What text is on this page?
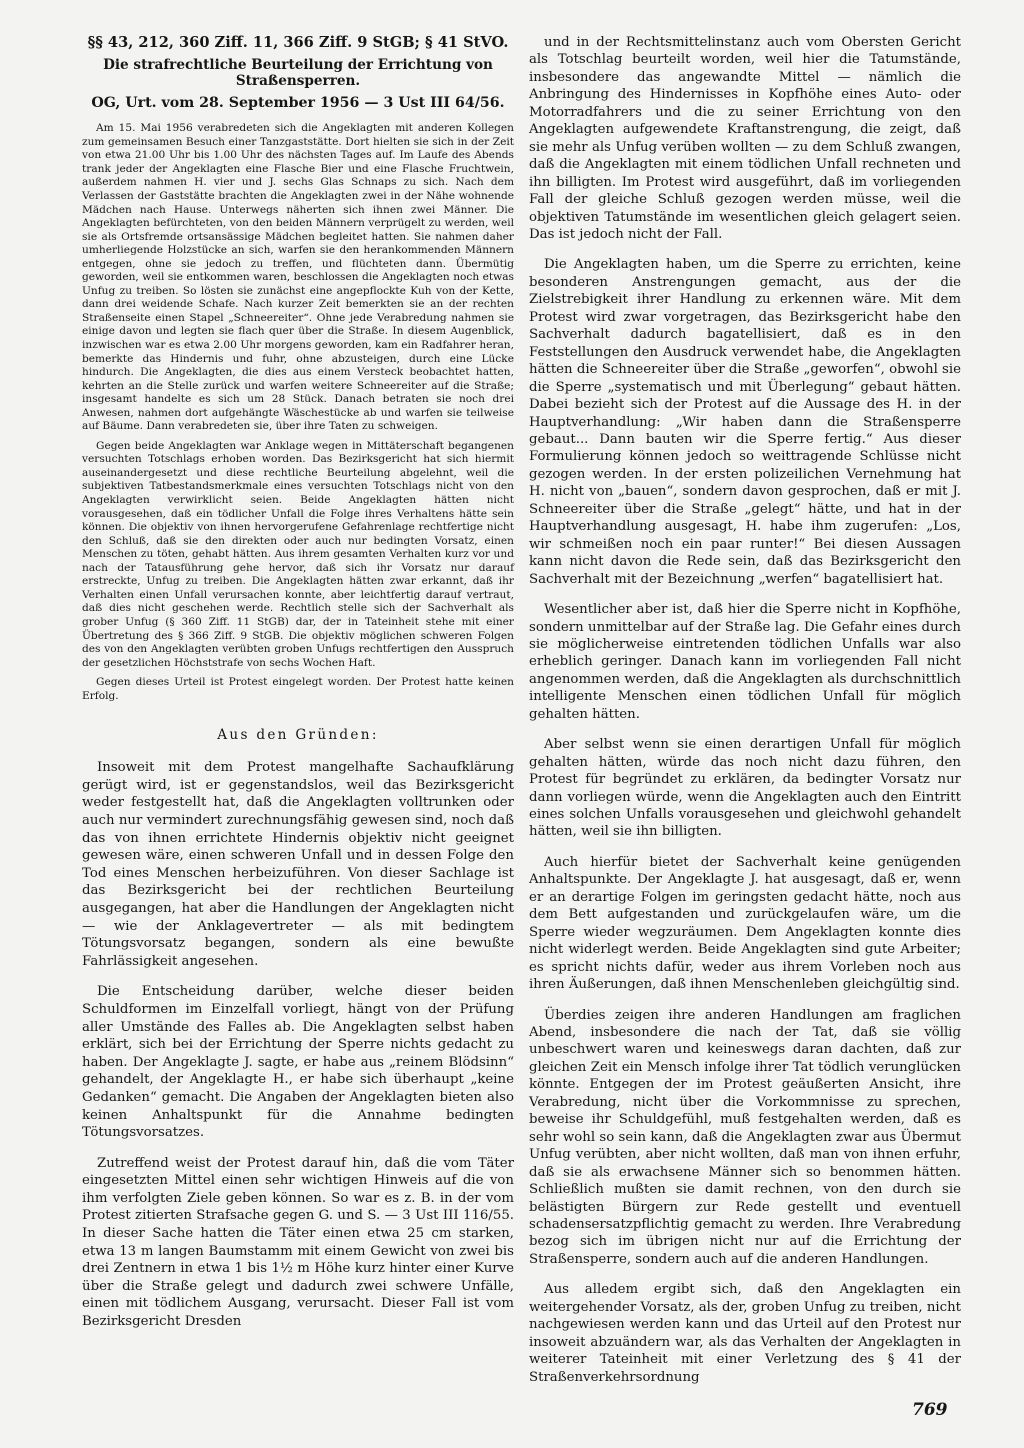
§§ 43, 212, 360 Ziff. 11, 366 Ziff. 9 StGB; § 41 StVO.

Die strafrechtliche Beurteilung der Errichtung von Straßensperren.

OG, Urt. vom 28. September 1956 — 3 Ust III 64/56.

Am 15. Mai 1956 verabredeten sich die Angeklagten mit anderen Kollegen zum gemeinsamen Besuch einer Tanzgaststätte. Dort hielten sie sich in der Zeit von etwa 21.00 Uhr bis 1.00 Uhr des nächsten Tages auf. Im Laufe des Abends trank jeder der Angeklagten eine Flasche Bier und eine Flasche Fruchtwein, außerdem nahmen H. vier und J. sechs Glas Schnaps zu sich. Nach dem Verlassen der Gaststätte brachten die Angeklagten zwei in der Nähe wohnende Mädchen nach Hause. Unterwegs näherten sich ihnen zwei Männer. Die Angeklagten befürchteten, von den beiden Männern verprügelt zu werden, weil sie als Ortsfremde ortsansässige Mädchen begleitet hatten. Sie nahmen daher umherliegende Holzstücke an sich, warfen sie den herankommenden Männern entgegen, ohne sie jedoch zu treffen, und flüchteten dann. Übermütig geworden, weil sie entkommen waren, beschlossen die Angeklagten noch etwas Unfug zu treiben. So lösten sie zunächst eine angepflockte Kuh von der Kette, dann drei weidende Schafe. Nach kurzer Zeit bemerkten sie an der rechten Straßenseite einen Stapel „Schneereiter“. Ohne jede Verabredung nahmen sie einige davon und legten sie flach quer über die Straße. In diesem Augenblick, inzwischen war es etwa 2.00 Uhr morgens geworden, kam ein Radfahrer heran, bemerkte das Hindernis und fuhr, ohne abzusteigen, durch eine Lücke hindurch. Die Angeklagten, die dies aus einem Versteck beobachtet hatten, kehrten an die Stelle zurück und warfen weitere Schneereiter auf die Straße; insgesamt handelte es sich um 28 Stück. Danach betraten sie noch drei Anwesen, nahmen dort aufgehängte Wäschestücke ab und warfen sie teilweise auf Bäume. Dann verabredeten sie, über ihre Taten zu schweigen.

Gegen beide Angeklagten war Anklage wegen in Mittäterschaft begangenen versuchten Totschlags erhoben worden. Das Bezirksgericht hat sich hiermit auseinandergesetzt und diese rechtliche Beurteilung abgelehnt, weil die subjektiven Tatbestandsmerkmale eines versuchten Totschlags nicht von den Angeklagten verwirklicht seien. Beide Angeklagten hätten nicht vorausgesehen, daß ein tödlicher Unfall die Folge ihres Verhaltens hätte sein können. Die objektiv von ihnen hervorgerufene Gefahrenlage rechtfertige nicht den Schluß, daß sie den direkten oder auch nur bedingten Vorsatz, einen Menschen zu töten, gehabt hätten. Aus ihrem gesamten Verhalten kurz vor und nach der Tatausführung gehe hervor, daß sich ihr Vorsatz nur darauf erstreckte, Unfug zu treiben. Die Angeklagten hätten zwar erkannt, daß ihr Verhalten einen Unfall verursachen konnte, aber leichtfertig darauf vertraut, daß dies nicht geschehen werde. Rechtlich stelle sich der Sachverhalt als grober Unfug (§ 360 Ziff. 11 StGB) dar, der in Tateinheit stehe mit einer Übertretung des § 366 Ziff. 9 StGB. Die objektiv möglichen schweren Folgen des von den Angeklagten verübten groben Unfugs rechtfertigen den Ausspruch der gesetzlichen Höchststrafe von sechs Wochen Haft.

Gegen dieses Urteil ist Protest eingelegt worden. Der Protest hatte keinen Erfolg.

Aus den Gründen:

Insoweit mit dem Protest mangelhafte Sachaufklärung gerügt wird, ist er gegenstandslos, weil das Bezirksgericht weder festgestellt hat, daß die Angeklagten volltrunken oder auch nur vermindert zurechnungsfähig gewesen sind, noch daß das von ihnen errichtete Hindernis objektiv nicht geeignet gewesen wäre, einen schweren Unfall und in dessen Folge den Tod eines Menschen herbeizuführen. Von dieser Sachlage ist das Bezirksgericht bei der rechtlichen Beurteilung ausgegangen, hat aber die Handlungen der Angeklagten nicht — wie der Anklagevertreter — als mit bedingtem Tötungsvorsatz begangen, sondern als eine bewußte Fahrlässigkeit angesehen.

Die Entscheidung darüber, welche dieser beiden Schuldformen im Einzelfall vorliegt, hängt von der Prüfung aller Umstände des Falles ab. Die Angeklagten selbst haben erklärt, sich bei der Errichtung der Sperre nichts gedacht zu haben. Der Angeklagte J. sagte, er habe aus „reinem Blödsinn“ gehandelt, der Angeklagte H., er habe sich überhaupt „keine Gedanken“ gemacht. Die Angaben der Angeklagten bieten also keinen Anhaltspunkt für die Annahme bedingten Tötungsvorsatzes.

Zutreffend weist der Protest darauf hin, daß die vom Täter eingesetzten Mittel einen sehr wichtigen Hinweis auf die von ihm verfolgten Ziele geben können. So war es z. B. in der vom Protest zitierten Strafsache gegen G. und S. — 3 Ust III 116/55. In dieser Sache hatten die Täter einen etwa 25 cm starken, etwa 13 m langen Baumstamm mit einem Gewicht von zwei bis drei Zentnern in etwa 1 bis 1½ m Höhe kurz hinter einer Kurve über die Straße gelegt und dadurch zwei schwere Unfälle, einen mit tödlichem Ausgang, verursacht. Dieser Fall ist vom Bezirksgericht Dresden

und in der Rechtsmittelinstanz auch vom Obersten Gericht als Totschlag beurteilt worden, weil hier die Tatumstände, insbesondere das angewandte Mittel — nämlich die Anbringung des Hindernisses in Kopfhöhe eines Auto- oder Motorradfahrers und die zu seiner Errichtung von den Angeklagten aufgewendete Kraftanstrengung, die zeigt, daß sie mehr als Unfug verüben wollten — zu dem Schluß zwangen, daß die Angeklagten mit einem tödlichen Unfall rechneten und ihn billigten. Im Protest wird ausgeführt, daß im vorliegenden Fall der gleiche Schluß gezogen werden müsse, weil die objektiven Tatumstände im wesentlichen gleich gelagert seien. Das ist jedoch nicht der Fall.

Die Angeklagten haben, um die Sperre zu errichten, keine besonderen Anstrengungen gemacht, aus der die Zielstrebigkeit ihrer Handlung zu erkennen wäre. Mit dem Protest wird zwar vorgetragen, das Bezirksgericht habe den Sachverhalt dadurch bagatellisiert, daß es in den Feststellungen den Ausdruck verwendet habe, die Angeklagten hätten die Schneereiter über die Straße „geworfen“, obwohl sie die Sperre „systematisch und mit Überlegung“ gebaut hätten. Dabei bezieht sich der Protest auf die Aussage des H. in der Hauptverhandlung: „Wir haben dann die Straßensperre gebaut... Dann bauten wir die Sperre fertig.“ Aus dieser Formulierung können jedoch so weittragende Schlüsse nicht gezogen werden. In der ersten polizeilichen Vernehmung hat H. nicht von „bauen“, sondern davon gesprochen, daß er mit J. Schneereiter über die Straße „gelegt“ hätte, und hat in der Hauptverhandlung ausgesagt, H. habe ihm zugerufen: „Los, wir schmeißen noch ein paar runter!“ Bei diesen Aussagen kann nicht davon die Rede sein, daß das Bezirksgericht den Sachverhalt mit der Bezeichnung „werfen“ bagatellisiert hat.

Wesentlicher aber ist, daß hier die Sperre nicht in Kopfhöhe, sondern unmittelbar auf der Straße lag. Die Gefahr eines durch sie möglicherweise eintretenden tödlichen Unfalls war also erheblich geringer. Danach kann im vorliegenden Fall nicht angenommen werden, daß die Angeklagten als durchschnittlich intelligente Menschen einen tödlichen Unfall für möglich gehalten hätten.

Aber selbst wenn sie einen derartigen Unfall für möglich gehalten hätten, würde das noch nicht dazu führen, den Protest für begründet zu erklären, da bedingter Vorsatz nur dann vorliegen würde, wenn die Angeklagten auch den Eintritt eines solchen Unfalls vorausgesehen und gleichwohl gehandelt hätten, weil sie ihn billigten.

Auch hierfür bietet der Sachverhalt keine genügenden Anhaltspunkte. Der Angeklagte J. hat ausgesagt, daß er, wenn er an derartige Folgen im geringsten gedacht hätte, noch aus dem Bett aufgestanden und zurückgelaufen wäre, um die Sperre wieder wegzuräumen. Dem Angeklagten konnte dies nicht widerlegt werden. Beide Angeklagten sind gute Arbeiter; es spricht nichts dafür, weder aus ihrem Vorleben noch aus ihren Äußerungen, daß ihnen Menschenleben gleichgültig sind.

Überdies zeigen ihre anderen Handlungen am fraglichen Abend, insbesondere die nach der Tat, daß sie völlig unbeschwert waren und keineswegs daran dachten, daß zur gleichen Zeit ein Mensch infolge ihrer Tat tödlich verunglücken könnte. Entgegen der im Protest geäußerten Ansicht, ihre Verabredung, nicht über die Vorkommnisse zu sprechen, beweise ihr Schuldgefühl, muß festgehalten werden, daß es sehr wohl so sein kann, daß die Angeklagten zwar aus Übermut Unfug verübten, aber nicht wollten, daß man von ihnen erfuhr, daß sie als erwachsene Männer sich so benommen hätten. Schließlich mußten sie damit rechnen, von den durch sie belästigten Bürgern zur Rede gestellt und eventuell schadensersatzpflichtig gemacht zu werden. Ihre Verabredung bezog sich im übrigen nicht nur auf die Errichtung der Straßensperre, sondern auch auf die anderen Handlungen.

Aus alledem ergibt sich, daß den Angeklagten ein weitergehender Vorsatz, als der, groben Unfug zu treiben, nicht nachgewiesen werden kann und das Urteil auf den Protest nur insoweit abzuändern war, als das Verhalten der Angeklagten in weiterer Tateinheit mit einer Verletzung des § 41 der Straßenverkehrsordnung

769
